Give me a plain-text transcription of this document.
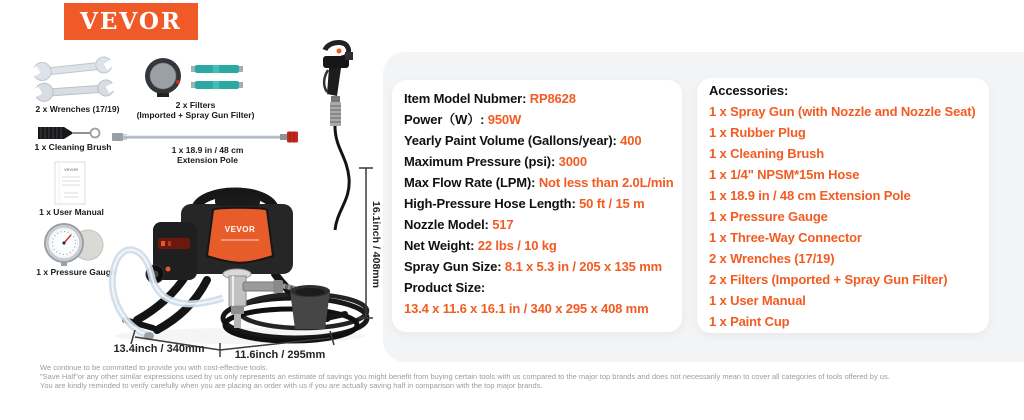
VEVOR
2 x Wrenches (17/19)	2 x Filters
(Imported + Spray Gun Filter)
1 x Cleaning Brush	1 x 18.9 in / 48 cm
Extension Pole
VEVOR
1 x User Manual
1 x Pressure Gauge
VEVOR	16.1inch / 408mm
13.4inch / 340mm	11.6inch / 295mm
Item Model Nubmer: RP8628
Power（W）: 950W
Yearly Paint Volume (Gallons/year): 400
Maximum Pressure (psi): 3000
Max Flow Rate (LPM): Not less than 2.0L/min
High-Pressure Hose Length: 50 ft / 15 m
Nozzle Model: 517
Net Weight: 22 lbs / 10 kg
Spray Gun Size: 8.1 x 5.3 in / 205 x 135 mm
Product Size:
13.4 x 11.6 x 16.1 in / 340 x 295 x 408 mm
Accessories:
1 x Spray Gun (with Nozzle and Nozzle Seat)
1 x Rubber Plug
1 x Cleaning Brush
1 x 1/4" NPSM*15m Hose
1 x 18.9 in / 48 cm Extension Pole
1 x Pressure Gauge
1 x Three-Way Connector
2 x Wrenches (17/19)
2 x Filters (Imported + Spray Gun Filter)
1 x User Manual
1 x Paint Cup
We continue to be committed to provide you with cost-effective tools.
"Save Half"or any other similar expressions used by us only represents an estimate of savings you might benefit from buying certain tools with us compared to the major top brands and does not necessarily mean to cover all categories of tools offered by us.
You are kindly reminded to verify carefully when you are placing an order with us if you are actually saving half in comparison with the top major brands.
